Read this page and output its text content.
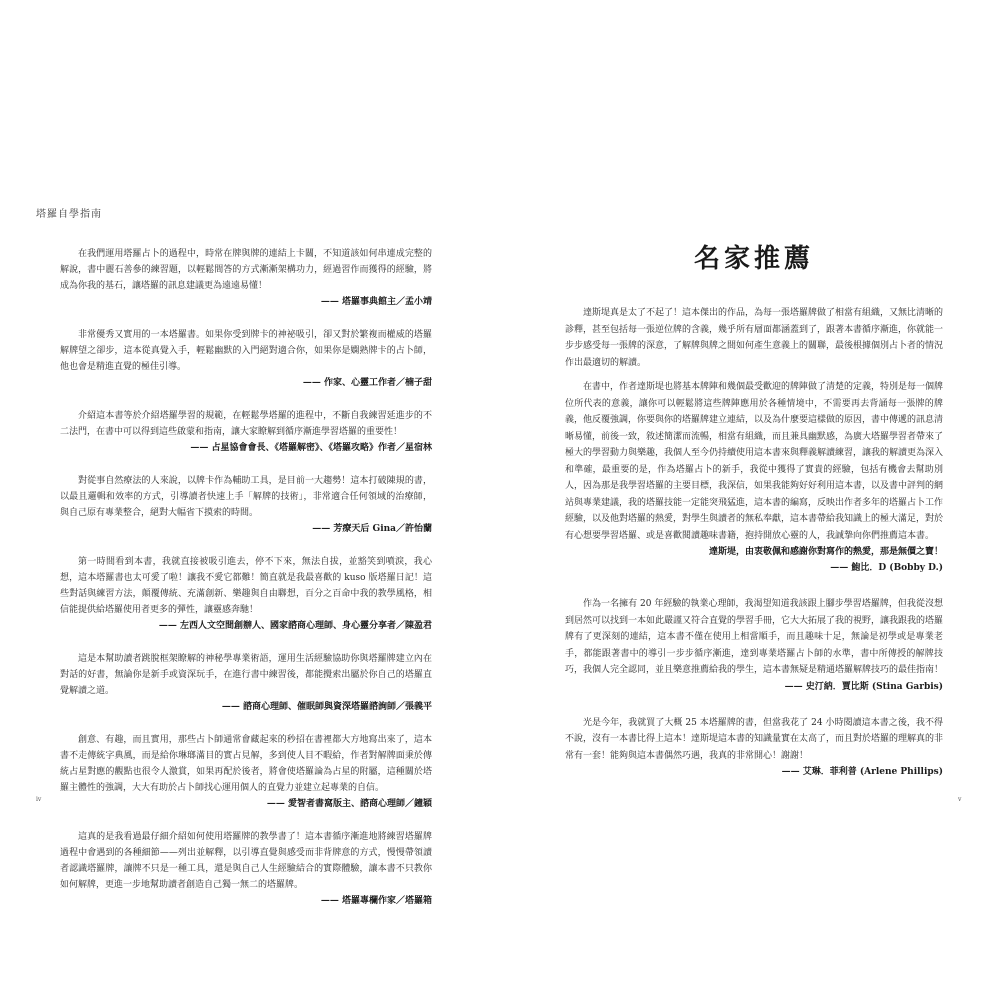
塔羅自學指南

在我們運用塔羅占卜的過程中，時常在牌與牌的連結上卡關，不知道該如何串連成完整的解說，書中麗石善參的練習題，以輕鬆間答的方式漸漸架構功力，經過習作而獲得的經驗，將成為你我的基石，讓塔羅的訊息建議更為遠遠易懂！

—— 塔羅事典館主／孟小靖

非常優秀又實用的一本塔羅書。如果你受到牌卡的神祕吸引，卻又對於繁複而權威的塔羅解牌望之卻步，這本從真覺入手，輕鬆幽默的入門絕對適合你，如果你是嫻熟牌卡的占卜師，他也會是精進直覺的極佳引導。

—— 作家、心靈工作者／楠子甜

介紹這本書等於介紹塔羅學習的規範，在輕鬆學塔羅的進程中，不斷自我練習延進步的不二法門，在書中可以得到這些啟蒙和指南，讓大家瞭解到循序漸進學習塔羅的重要性！

—— 占星協會會長、《塔羅解密》、《塔羅攻略》作者／星宿林

對從事自然療法的人來說，以牌卡作為輔助工具，是目前一大趨勢！這本打破陳規的書，以最且邏輯和效率的方式，引導讀者快速上手「解牌的技術」，非常適合任何領域的治療師，與自己原有專業整合，絕對大幅省下摸索的時間。

—— 芳療天后 Gina／許怡蘭

第一時間看到本書，我就直接被吸引進去，停不下來，無法自拔，並豁笑到噴淚，我心想，這本塔羅書也太可愛了啦！讓我不愛它都難！簡直就是我最喜歡的 kuso 版塔羅日記！這些對話與練習方法，顛覆傳統、充滿創新、樂趣與自由聯想，百分之百命中我的教學風格，相信能提供給塔羅使用者更多的彈性，讓靈感奔馳！

—— 左西人文空間創辦人、國家諮商心理師、身心靈分享者／陳盈君

這是本幫助讀者跳脫框架瞭解的神秘學專業術語，運用生活經驗協助你與塔羅牌建立內在對話的好書，無論你是新手或資深玩手，在進行書中練習後，都能攪索出屬於你自己的塔羅直覺解讀之道。

—— 諮商心理師、催眠師與資深塔羅諮詢師／張義平

創意、有趣，而且實用，那些占卜師通常會藏起來的秒招在書裡都大方地寫出來了，這本書不走傳統字典風，而是給你琳瑯滿目的實占見解，多到使人目不暇給，作者對解牌面秉於傳統占星對應的觀點也很令人激賞，如果再配於後者，將會使塔羅論為占星的附屬，這種關於塔羅主體性的強調，大大有助於占卜師找心運用個人的直覺力並建立起專業的自信。

—— 愛智者書窩版主、諮商心理師／鐘穎

這真的是我看過最仔細介紹如何使用塔羅牌的教學書了！這本書循序漸進地將練習塔羅牌過程中會遇到的各種細節——列出並解釋，以引導直覺與感受而非背牌意的方式，慢慢帶領讀者認識塔羅牌，讓牌不只是一種工具，還是與自己人生經驗結合的實際體驗，讓本書不只教你如何解牌，更進一步地幫助讀者創造自己獨一無二的塔羅牌。

—— 塔羅專欄作家／塔羅箱
名家推薦

達斯堤真是太了不起了！這本傑出的作品，為每一張塔羅牌做了相當有組織，又無比清晰的診釋，甚至包括每一張逆位牌的含義，幾乎所有層面都涵蓋到了，跟著本書循序漸進，你就能一步步感受每一張牌的深意，了解牌與牌之間如何產生意義上的關聯，最後根據個別占卜者的情況作出最適切的解讀。

在書中，作者達斯堤也將基本牌陣和幾個最受歡迎的牌陣做了清楚的定義，特別是每一個牌位所代表的意義，讓你可以輕鬆將這些牌陣應用於各種情境中，不需要再去背誦每一張牌的牌義，他反覆強調，你要與你的塔羅牌建立連結，以及為什麼要這樣做的原因，書中傳遞的訊息清晰易懂，前後一致，敘述簡潔而流暢，相當有組織，而且兼具幽默感，為廣大塔羅學習者帶來了極大的學習動力與樂趣，我個人至今仍持續使用這本書來與釋義解讀練習，讓我的解讀更為深入和準確，最重要的是，作為塔羅占卜的新手，我從中獲得了實貴的經驗，包括有機會去幫助別人，因為那是我學習塔羅的主要目標，我深信，如果我能夠好好利用這本書，以及書中評判的網站與專業建議，我的塔羅技能一定能突飛猛進，這本書的編寫，反映出作者多年的塔羅占卜工作經驗，以及他對塔羅的熱愛，對學生與讀者的無私奉獻，這本書帶給我知識上的極大滿足，對於有心想要學習塔羅、或是喜歡閱讀趣味書籍，抱持開放心靈的人，我誠摯向你們推薦這本書。

達斯堤，由衷敬佩和感謝你對寫作的熱愛，那是無價之寶！
—— 鮑比．D (Bobby D.)

作為一名擁有 20 年經驗的執業心理師，我渴望知道我該跟上腳步學習塔羅牌，但我從沒想到居然可以找到一本如此嚴謹又符合直覺的學習手冊，它大大拓展了我的視野，讓我跟我的塔羅牌有了更深刻的連結，這本書不僅在使用上相當順手，而且趣味十足，無論是初學或是專業老手，都能跟著書中的導引一步步循序漸進，達到專業塔羅占卜師的水準，書中所傳授的解牌技巧，我個人完全認同，並且樂意推薦給我的學生，這本書無疑是精通塔羅解牌技巧的最佳指南！

—— 史汀納．賈比斯 (Stina Garbis)

光是今年，我就買了大概 25 本塔羅牌的書，但當我花了 24 小時閱讀這本書之後，我不得不說，沒有一本書比得上這本！達斯堤這本書的知識量實在太高了，而且對於塔羅的理解真的非常有一套！能夠與這本書偶然巧遇，我真的非常開心！謝謝！

—— 艾琳．菲利普 (Arlene Phillips)
iv	v
